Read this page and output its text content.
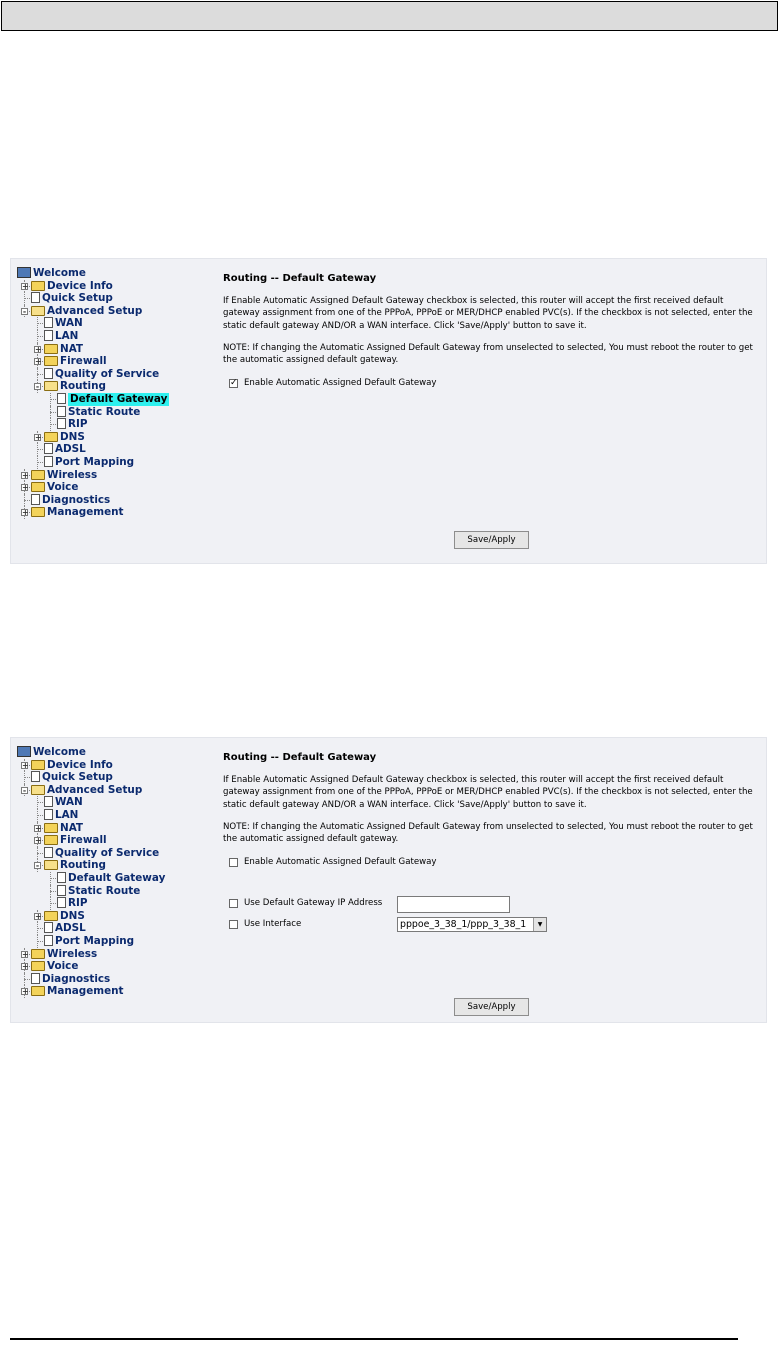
Welcome
+ Device Info
Quick Setup
- Advanced Setup
WAN
LAN
+ NAT
+ Firewall
Quality of Service
- Routing
Default Gateway
Static Route
RIP
+ DNS
ADSL
Port Mapping
+ Wireless
+ Voice
Diagnostics
+ Management
Routing -- Default Gateway

If Enable Automatic Assigned Default Gateway checkbox is selected, this router will accept the first received default gateway assignment from one of the PPPoA, PPPoE or MER/DHCP enabled PVC(s). If the checkbox is not selected, enter the static default gateway AND/OR a WAN interface. Click 'Save/Apply' button to save it.

NOTE: If changing the Automatic Assigned Default Gateway from unselected to selected, You must reboot the router to get the automatic assigned default gateway.

✓ Enable Automatic Assigned Default Gateway
Save/Apply
Welcome
+ Device Info
Quick Setup
- Advanced Setup
WAN
LAN
+ NAT
+ Firewall
Quality of Service
- Routing
Default Gateway
Static Route
RIP
+ DNS
ADSL
Port Mapping
+ Wireless
+ Voice
Diagnostics
+ Management
Routing -- Default Gateway

If Enable Automatic Assigned Default Gateway checkbox is selected, this router will accept the first received default gateway assignment from one of the PPPoA, PPPoE or MER/DHCP enabled PVC(s). If the checkbox is not selected, enter the static default gateway AND/OR a WAN interface. Click 'Save/Apply' button to save it.

NOTE: If changing the Automatic Assigned Default Gateway from unselected to selected, You must reboot the router to get the automatic assigned default gateway.

Enable Automatic Assigned Default Gateway
Use Default Gateway IP Address
Use Interface	pppoe_3_38_1/ppp_3_38_1	▼
Save/Apply
